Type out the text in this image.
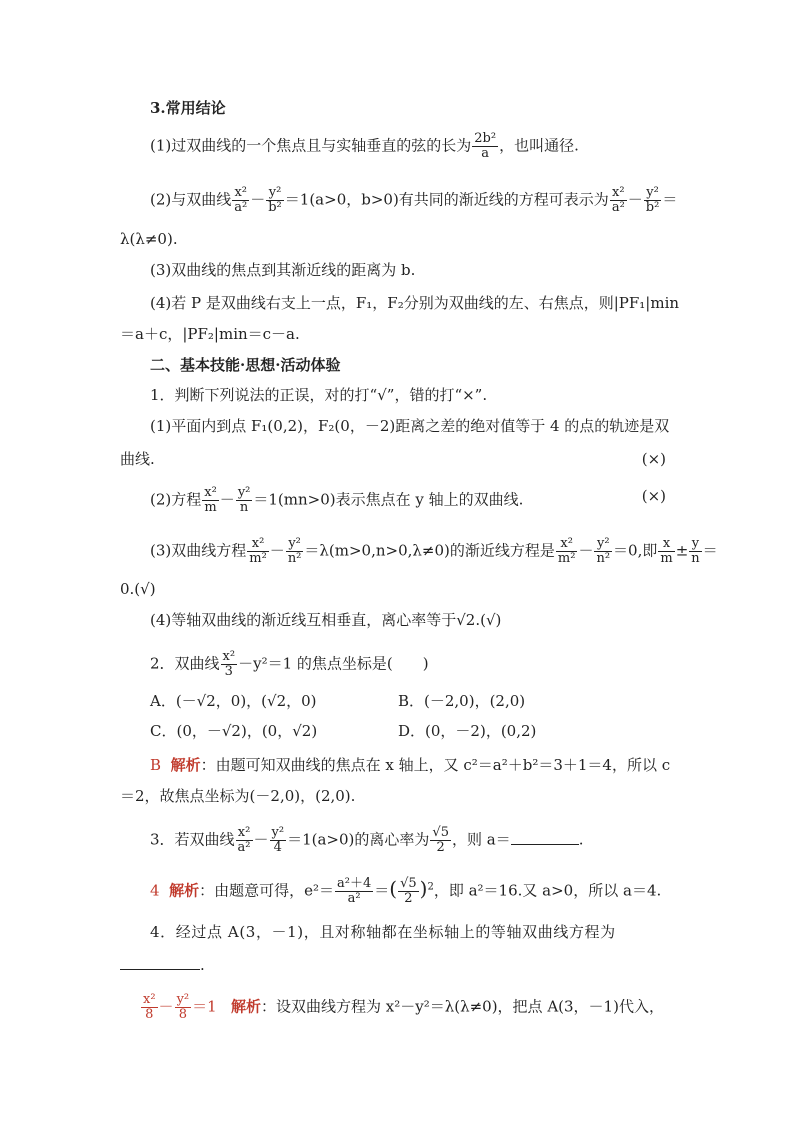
3.常用结论
(1)过双曲线的一个焦点且与实轴垂直的弦的长为 $\frac{\text{2b²}}{a}$ ，也叫通径.
(2)与双曲线 $\frac{\text{x²}}{\text{a²}} - \frac{\text{y²}}{\text{b²}} =1(a>0$，b>0)有共同的渐近线的方程可表示为 $\frac{\text{x²}}{\text{a²}} - \frac{\text{y²}}{\text{b²}}$ ＝
λ(λ≠0).
(3)双曲线的焦点到其渐近线的距离为 b.
(4)若 P 是双曲线右支上一点，F₁，F₂分别为双曲线的左、右焦点，则|PF₁|min
＝a＋c，|PF₂|min＝c－a.
二、基本技能·思想·活动体验
1．判断下列说法的正误，对的打“√”，错的打“×”.
(1)平面内到点 F₁(0,2)，F₂(0，－2)距离之差的绝对值等于 4 的点的轨迹是双
曲线.	(×)
(2)方程 $\frac{\text{x²}}{m} - \frac{\text{y²}}{n} =1(mn>0)$表示焦点在 y 轴上的双曲线.	(×)
(3)双曲线方程 $\frac{\text{x²}}{\text{m²}} - \frac{\text{y²}}{\text{n²}} =\lambda(m>0,n>0,\lambda\ne 0)$的渐近线方程是 $\frac{\text{x²}}{\text{m²}} - \frac{\text{y²}}{\text{n²}} =0$,即 $\frac{x}{m} \pm \frac{y}{n}$ ＝
0.(√)
(4)等轴双曲线的渐近线互相垂直，离心率等于√2.(√)
2．双曲线 $\frac{\text{x²}}{3} -y^2=1$ 的焦点坐标是(　　)
A．(－√2，0)，(√2，0)	B．(－2,0)，(2,0)
C．(0，－√2)，(0，√2)	D．(0，－2)，(0,2)
B 解析：由题可知双曲线的焦点在 x 轴上，又 c²＝a²＋b²＝3＋1＝4，所以 c
＝2，故焦点坐标为(－2,0)，(2,0).
3．若双曲线 $\frac{\text{x²}}{\text{a²}} - \frac{\text{y²}}{4} =1(a>0)$的离心率为 $\frac{√5}{2}$ ，则 a＝	.
4 解析：由题意可得，$e^2= \frac{\text{a²＋4}}{\text{a²}}$ ＝( $\frac{√5}{2} )^2$，即 a²＝16.又 a>0，所以 a＝4.
4．经过点 A(3，－1)，且对称轴都在坐标轴上的等轴双曲线方程为
.
$\frac{\text{x²}}{8} - \frac{\text{y²}}{8} =1$ 解析：设双曲线方程为 x²－y²＝λ(λ≠0)，把点 A(3，－1)代入，
